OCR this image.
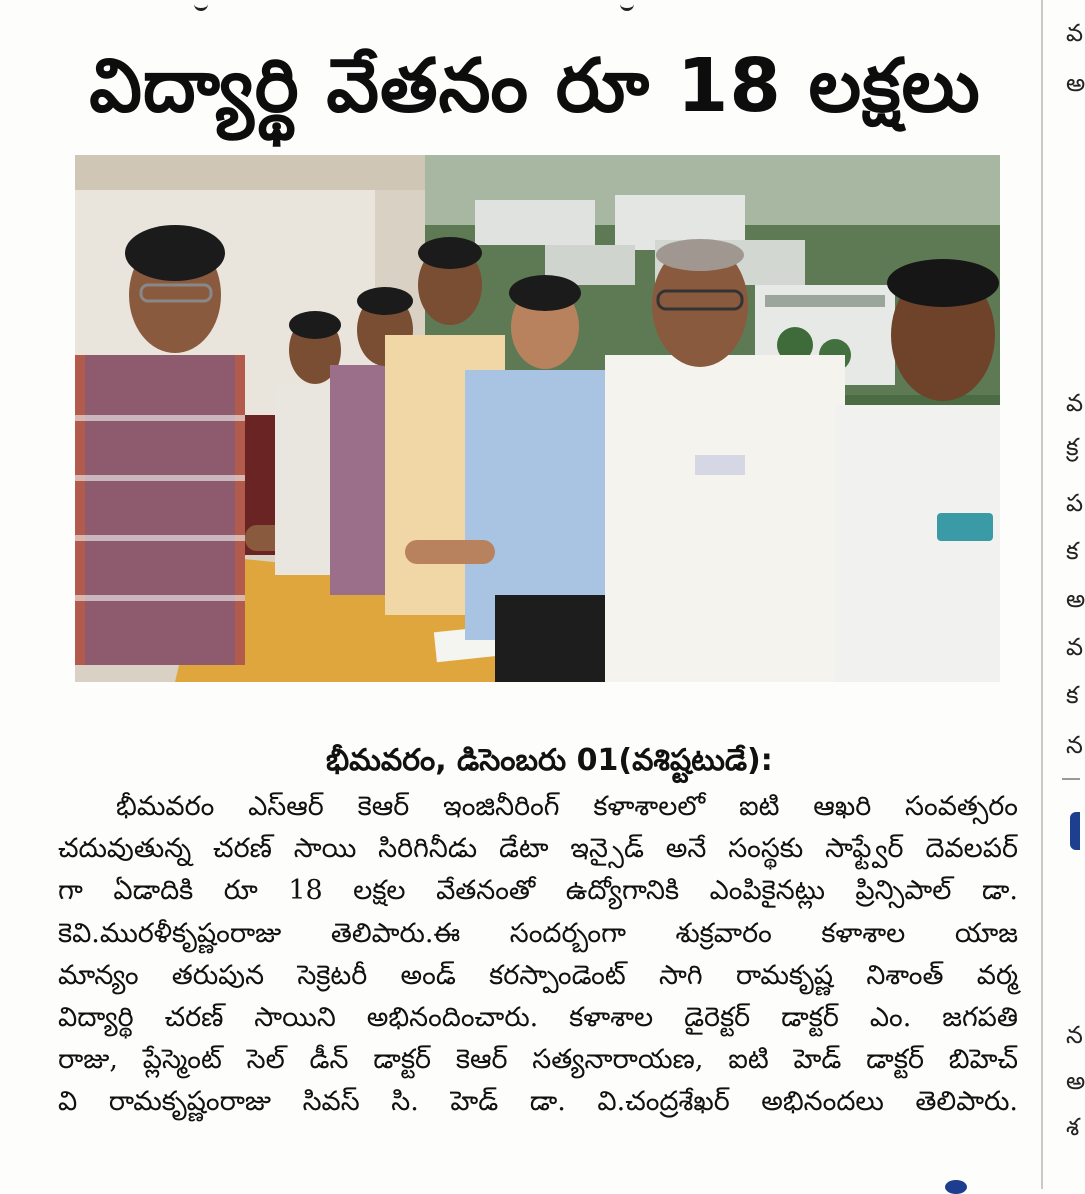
విద్యార్థి వేతనం రూ 18 లక్షలు
భీమవరం, డిసెంబరు 01(వశిష్టటుడే):
భీమవరం ఎస్ఆర్ కెఆర్ ఇంజినీరింగ్ కళాశాలలో ఐటి ఆఖరి సంవత్సరం
చదువుతున్న చరణ్ సాయి సిరిగినీడు డేటా ఇన్సైడ్ అనే సంస్థకు సాఫ్ట్వేర్ దెవలపర్
గా ఏడాదికి రూ 18 లక్షల వేతనంతో ఉద్యోగానికి ఎంపికైనట్లు ప్రిన్సిపాల్ డా.
కెవి.మురళీకృష్ణంరాజు తెలిపారు.ఈ సందర్బంగా శుక్రవారం కళాశాల యాజ
మాన్యం తరుపున సెక్రెటరీ అండ్ కరస్పాండెంట్ సాగి రామకృష్ణ నిశాంత్ వర్మ
విద్యార్థి చరణ్ సాయిని అభినందించారు. కళాశాల డైరెక్టర్ డాక్టర్ ఎం. జగపతి
రాజు, ప్లేస్మెంట్ సెల్ డీన్ డాక్టర్ కెఆర్ సత్యనారాయణ, ఐటి హెడ్ డాక్టర్ బిహెచ్
వి రామకృష్ణంరాజు సివస్ సి. హెడ్ డా. వి.చంద్రశేఖర్ అభినందలు తెలిపారు.
వ
అ
వ
క్ర
ప
క
అ
వ
క
న
న
అ
శ
